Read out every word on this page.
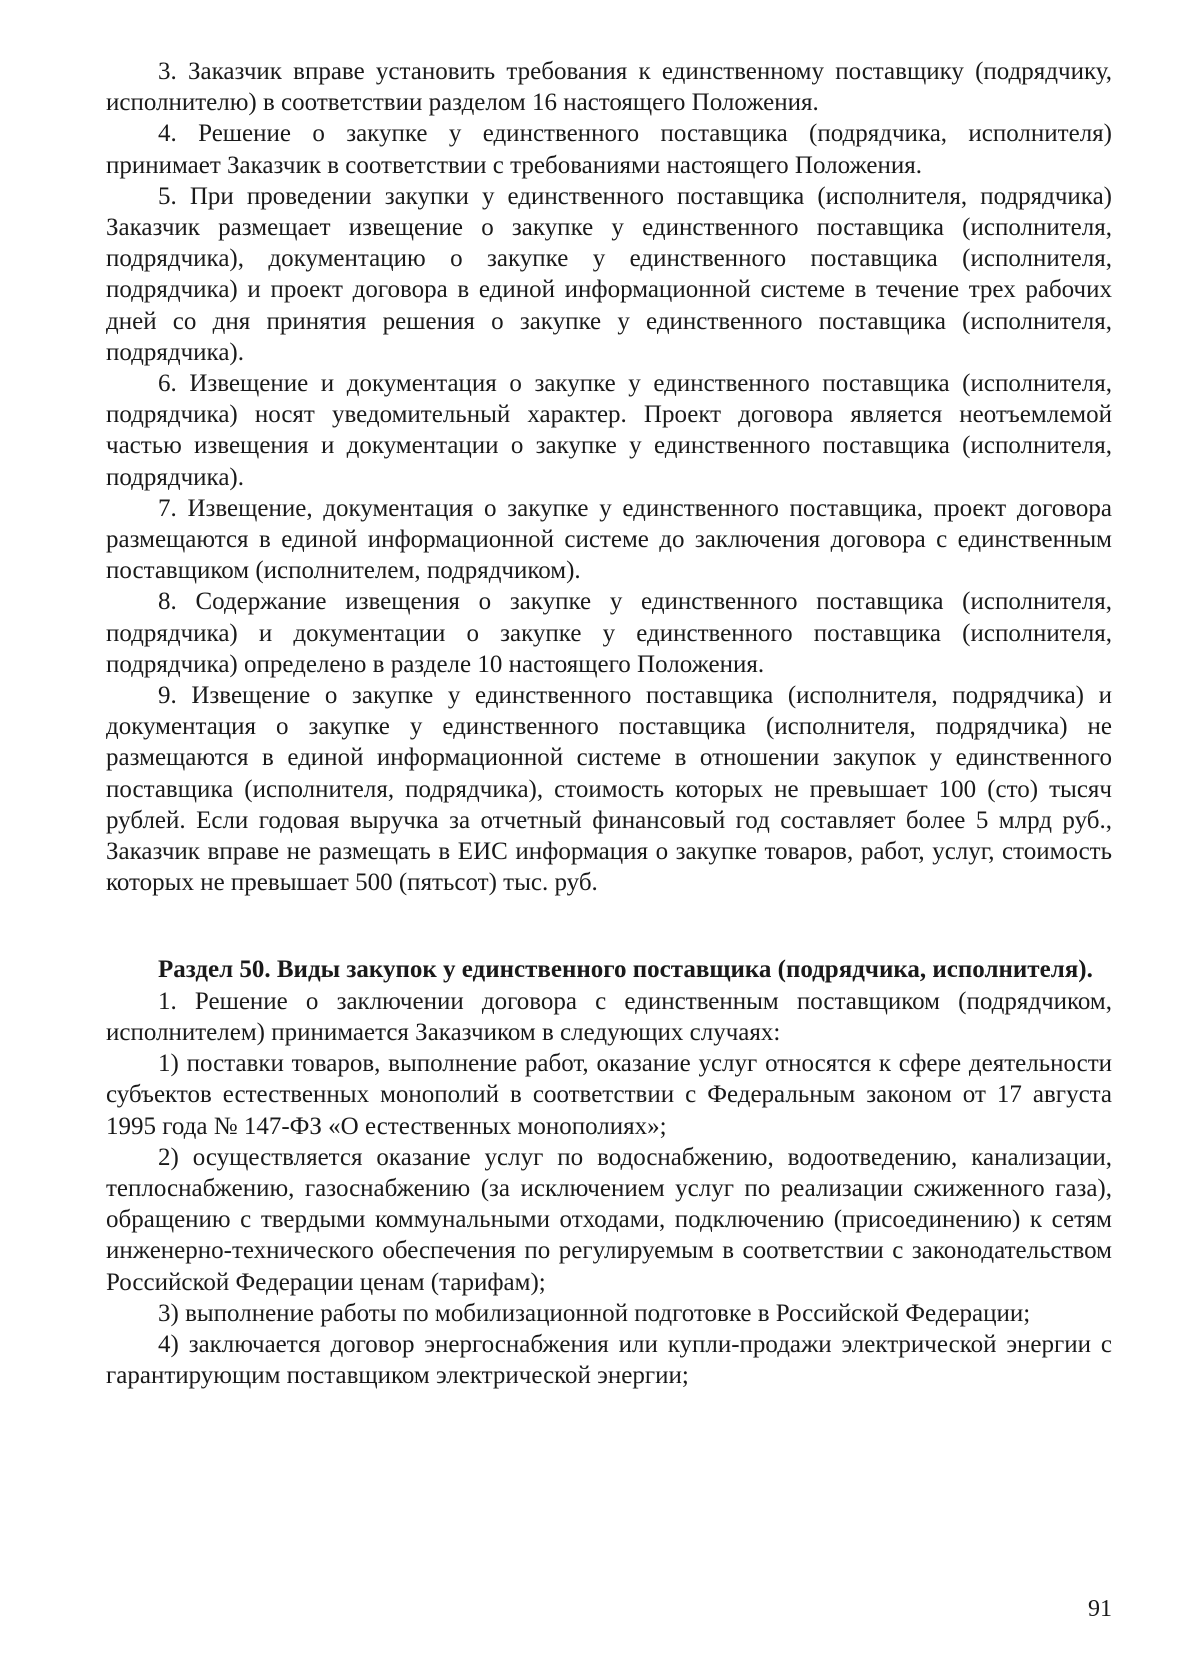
3. Заказчик вправе установить требования к единственному поставщику (подрядчику, исполнителю) в соответствии разделом 16 настоящего Положения.

4. Решение о закупке у единственного поставщика (подрядчика, исполнителя) принимает Заказчик в соответствии с требованиями настоящего Положения.

5. При проведении закупки у единственного поставщика (исполнителя, подрядчика) Заказчик размещает извещение о закупке у единственного поставщика (исполнителя, подрядчика), документацию о закупке у единственного поставщика (исполнителя, подрядчика) и проект договора в единой информационной системе в течение трех рабочих дней со дня принятия решения о закупке у единственного поставщика (исполнителя, подрядчика).

6. Извещение и документация о закупке у единственного поставщика (исполнителя, подрядчика) носят уведомительный характер. Проект договора является неотъемлемой частью извещения и документации о закупке у единственного поставщика (исполнителя, подрядчика).

7. Извещение, документация о закупке у единственного поставщика, проект договора размещаются в единой информационной системе до заключения договора с единственным поставщиком (исполнителем, подрядчиком).

8. Содержание извещения о закупке у единственного поставщика (исполнителя, подрядчика) и документации о закупке у единственного поставщика (исполнителя, подрядчика) определено в разделе 10 настоящего Положения.

9. Извещение о закупке у единственного поставщика (исполнителя, подрядчика) и документация о закупке у единственного поставщика (исполнителя, подрядчика) не размещаются в единой информационной системе в отношении закупок у единственного поставщика (исполнителя, подрядчика), стоимость которых не превышает 100 (сто) тысяч рублей. Если годовая выручка за отчетный финансовый год составляет более 5 млрд руб., Заказчик вправе не размещать в ЕИС информация о закупке товаров, работ, услуг, стоимость которых не превышает 500 (пятьсот) тыс. руб.

Раздел 50. Виды закупок у единственного поставщика (подрядчика, исполнителя).

1. Решение о заключении договора с единственным поставщиком (подрядчиком, исполнителем) принимается Заказчиком в следующих случаях:

1) поставки товаров, выполнение работ, оказание услуг относятся к сфере деятельности субъектов естественных монополий в соответствии с Федеральным законом от 17 августа 1995 года № 147-ФЗ «О естественных монополиях»;

2) осуществляется оказание услуг по водоснабжению, водоотведению, канализации, теплоснабжению, газоснабжению (за исключением услуг по реализации сжиженного газа), обращению с твердыми коммунальными отходами, подключению (присоединению) к сетям инженерно-технического обеспечения по регулируемым в соответствии с законодательством Российской Федерации ценам (тарифам);

3) выполнение работы по мобилизационной подготовке в Российской Федерации;

4) заключается договор энергоснабжения или купли-продажи электрической энергии с гарантирующим поставщиком электрической энергии;

91
